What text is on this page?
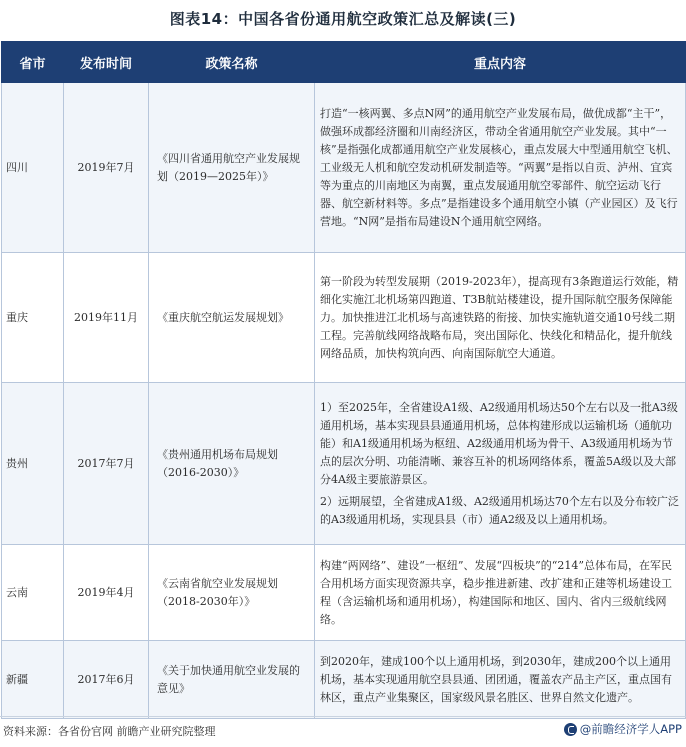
图表14：中国各省份通用航空政策汇总及解读(三)
省市	发布时间	政策名称	重点内容
四川	2019年7月	《四川省通用航空产业发展规划（2019—2025年）》	打造“一核两翼、多点N网”的通用航空产业发展布局，做优成都“主干”，做强环成都经济圈和川南经济区，带动全省通用航空产业发展。其中“一核”是指强化成都通用航空产业发展核心，重点发展大中型通用航空飞机、工业级无人机和航空发动机研发制造等。“两翼”是指以自贡、泸州、宜宾等为重点的川南地区为南翼，重点发展通用航空零部件、航空运动飞行器、航空新材料等。多点”是指建设多个通用航空小镇（产业园区）及飞行营地。“N网”是指布局建设N个通用航空网络。

重庆	2019年11月	《重庆航空航运发展规划》	第一阶段为转型发展期（2019-2023年），提高现有3条跑道运行效能，精细化实施江北机场第四跑道、T3B航站楼建设，提升国际航空服务保障能力。加快推进江北机场与高速铁路的衔接、加快实施轨道交通10号线二期工程。完善航线网络战略布局，突出国际化、快线化和精品化，提升航线网络品质，加快构筑向西、向南国际航空大通道。

贵州	2017年7月	《贵州通用机场布局规划（2016-2030）》	1）至2025年，全省建设A1级、A2级通用机场达50个左右以及一批A3级通用机场，基本实现县县通通用机场，总体构建形成以运输机场（通航功能）和A1级通用机场为枢纽、A2级通用机场为骨干、A3级通用机场为节点的层次分明、功能清晰、兼容互补的机场网络体系，覆盖5A级以及大部分4A级主要旅游景区。

2）远期展望，全省建成A1级、A2级通用机场达70个左右以及分布较广泛的A3级通用机场，实现县县（市）通A2级及以上通用机场。

云南	2019年4月	《云南省航空业发展规划（2018-2030年）》	构建“两网络”、建设“一枢纽”、发展“四板块”的“214”总体布局，在军民合用机场方面实现资源共享，稳步推进新建、改扩建和正建等机场建设工程（含运输机场和通用机场），构建国际和地区、国内、省内三级航线网络。

新疆	2017年6月	《关于加快通用航空业发展的意见》	到2020年，建成100个以上通用机场，到2030年，建成200个以上通用机场，基本实现通用航空县县通、团团通，覆盖农产品主产区，重点国有林区，重点产业集聚区，国家级风景名胜区、世界自然文化遗产。

资料来源：各省份官网 前瞻产业研究院整理	@前瞻经济学人APP
